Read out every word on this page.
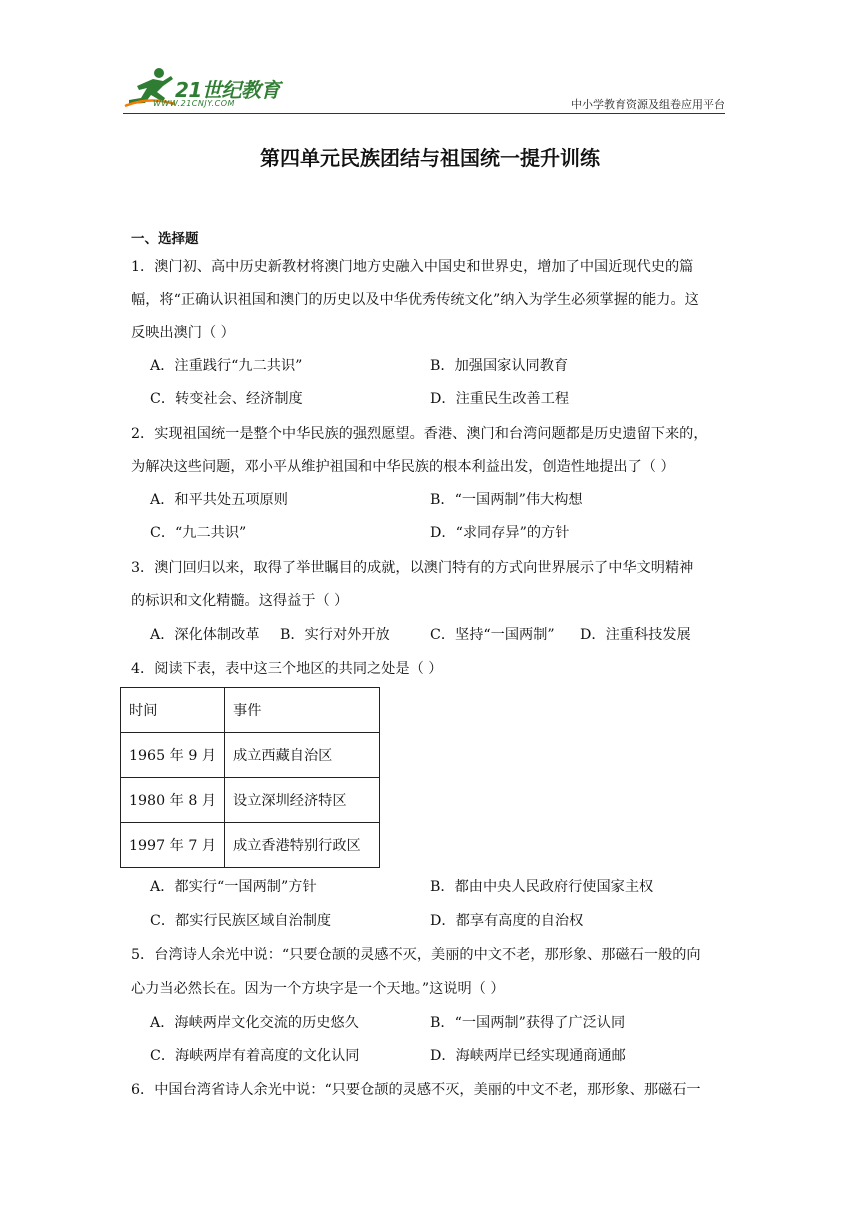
21世纪教育
WWW.21CNJY.COM	中小学教育资源及组卷应用平台
第四单元民族团结与祖国统一提升训练
一、选择题
1．澳门初、高中历史新教材将澳门地方史融入中国史和世界史，增加了中国近现代史的篇
幅，将“正确认识祖国和澳门的历史以及中华优秀传统文化”纳入为学生必须掌握的能力。这
反映出澳门（ ）
A．注重践行“九二共识”	B．加强国家认同教育
C．转变社会、经济制度	D．注重民生改善工程
2．实现祖国统一是整个中华民族的强烈愿望。香港、澳门和台湾问题都是历史遗留下来的，
为解决这些问题，邓小平从维护祖国和中华民族的根本利益出发，创造性地提出了（ ）
A．和平共处五项原则	B．“一国两制”伟大构想
C．“九二共识”	D．“求同存异”的方针
3．澳门回归以来，取得了举世瞩目的成就，以澳门特有的方式向世界展示了中华文明精神
的标识和文化精髓。这得益于（ ）
A．深化体制改革 B．实行对外开放	C．坚持“一国两制” D．注重科技发展
4．阅读下表，表中这三个地区的共同之处是（ ）
时间	事件
1965 年 9 月	成立西藏自治区
1980 年 8 月	设立深圳经济特区
1997 年 7 月	成立香港特别行政区
A．都实行“一国两制”方针	B．都由中央人民政府行使国家主权
C．都实行民族区域自治制度	D．都享有高度的自治权
5．台湾诗人余光中说：“只要仓颉的灵感不灭，美丽的中文不老，那形象、那磁石一般的向
心力当必然长在。因为一个方块字是一个天地。”这说明（ ）
A．海峡两岸文化交流的历史悠久	B．“一国两制”获得了广泛认同
C．海峡两岸有着高度的文化认同	D．海峡两岸已经实现通商通邮
6．中国台湾省诗人余光中说：“只要仓颉的灵感不灭，美丽的中文不老，那形象、那磁石一
